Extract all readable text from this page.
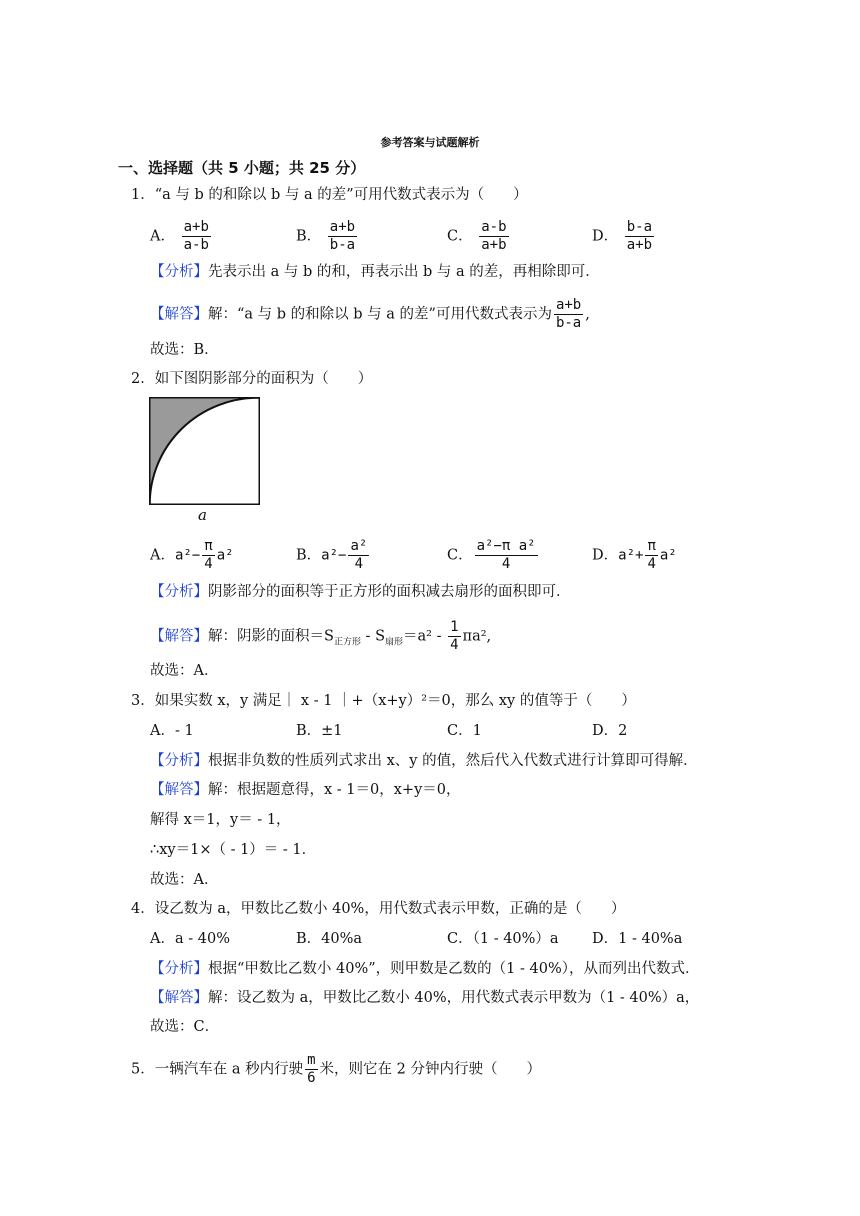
参考答案与试题解析
一、选择题（共 5 小题；共 25 分）
1．“a 与 b 的和除以 b 与 a 的差”可用代数式表示为（　　）
A． $\frac{a+b}{a-b}$	B． $\frac{a+b}{b-a}$	C． $\frac{a-b}{a+b}$	D． $\frac{b-a}{a+b}$
【分析】先表示出 a 与 b 的和，再表示出 b 与 a 的差，再相除即可．
【解答】解：“a 与 b 的和除以 b 与 a 的差”可用代数式表示为 $\frac{a+b}{b-a}$ ,
故选：B．
2．如下图阴影部分的面积为（　　）
a
A．$a^2- \frac{\pi}{4} a^2$	B．$a^2- \frac{\text{a²}}{4}$	C． $\frac{\text{a²−π a²}}{4}$	D．$a^2+ \frac{\pi}{4} a^2$
【分析】阴影部分的面积等于正方形的面积减去扇形的面积即可．
【解答】解：阴影的面积$=S_{正方形} - S_{扇形}=a^2 - \frac{1}{4} \pi a^2$,
故选：A．
3．如果实数 x，y 满足｜ x - 1 ｜+（x+y）²＝0，那么 xy 的值等于（　　）
A．- 1	B．±1	C．1	D．2
【分析】根据非负数的性质列式求出 x、y 的值，然后代入代数式进行计算即可得解．
【解答】解：根据题意得，x - 1＝0，x+y＝0，
解得 x＝1，y＝ - 1，
∴xy＝1×（ - 1）＝ - 1．
故选：A．
4．设乙数为 a，甲数比乙数小 40%，用代数式表示甲数，正确的是（　　）
A．a - 40%	B．40%a	C．（1 - 40%）a D．1 - 40%a
【分析】根据“甲数比乙数小 40%”，则甲数是乙数的（1 - 40%），从而列出代数式．
【解答】解：设乙数为 a，甲数比乙数小 40%，用代数式表示甲数为（1 - 40%）a，
故选：C．
5．一辆汽车在 a 秒内行驶 $\frac{m}{6}$ 米，则它在 2 分钟内行驶（　　）
